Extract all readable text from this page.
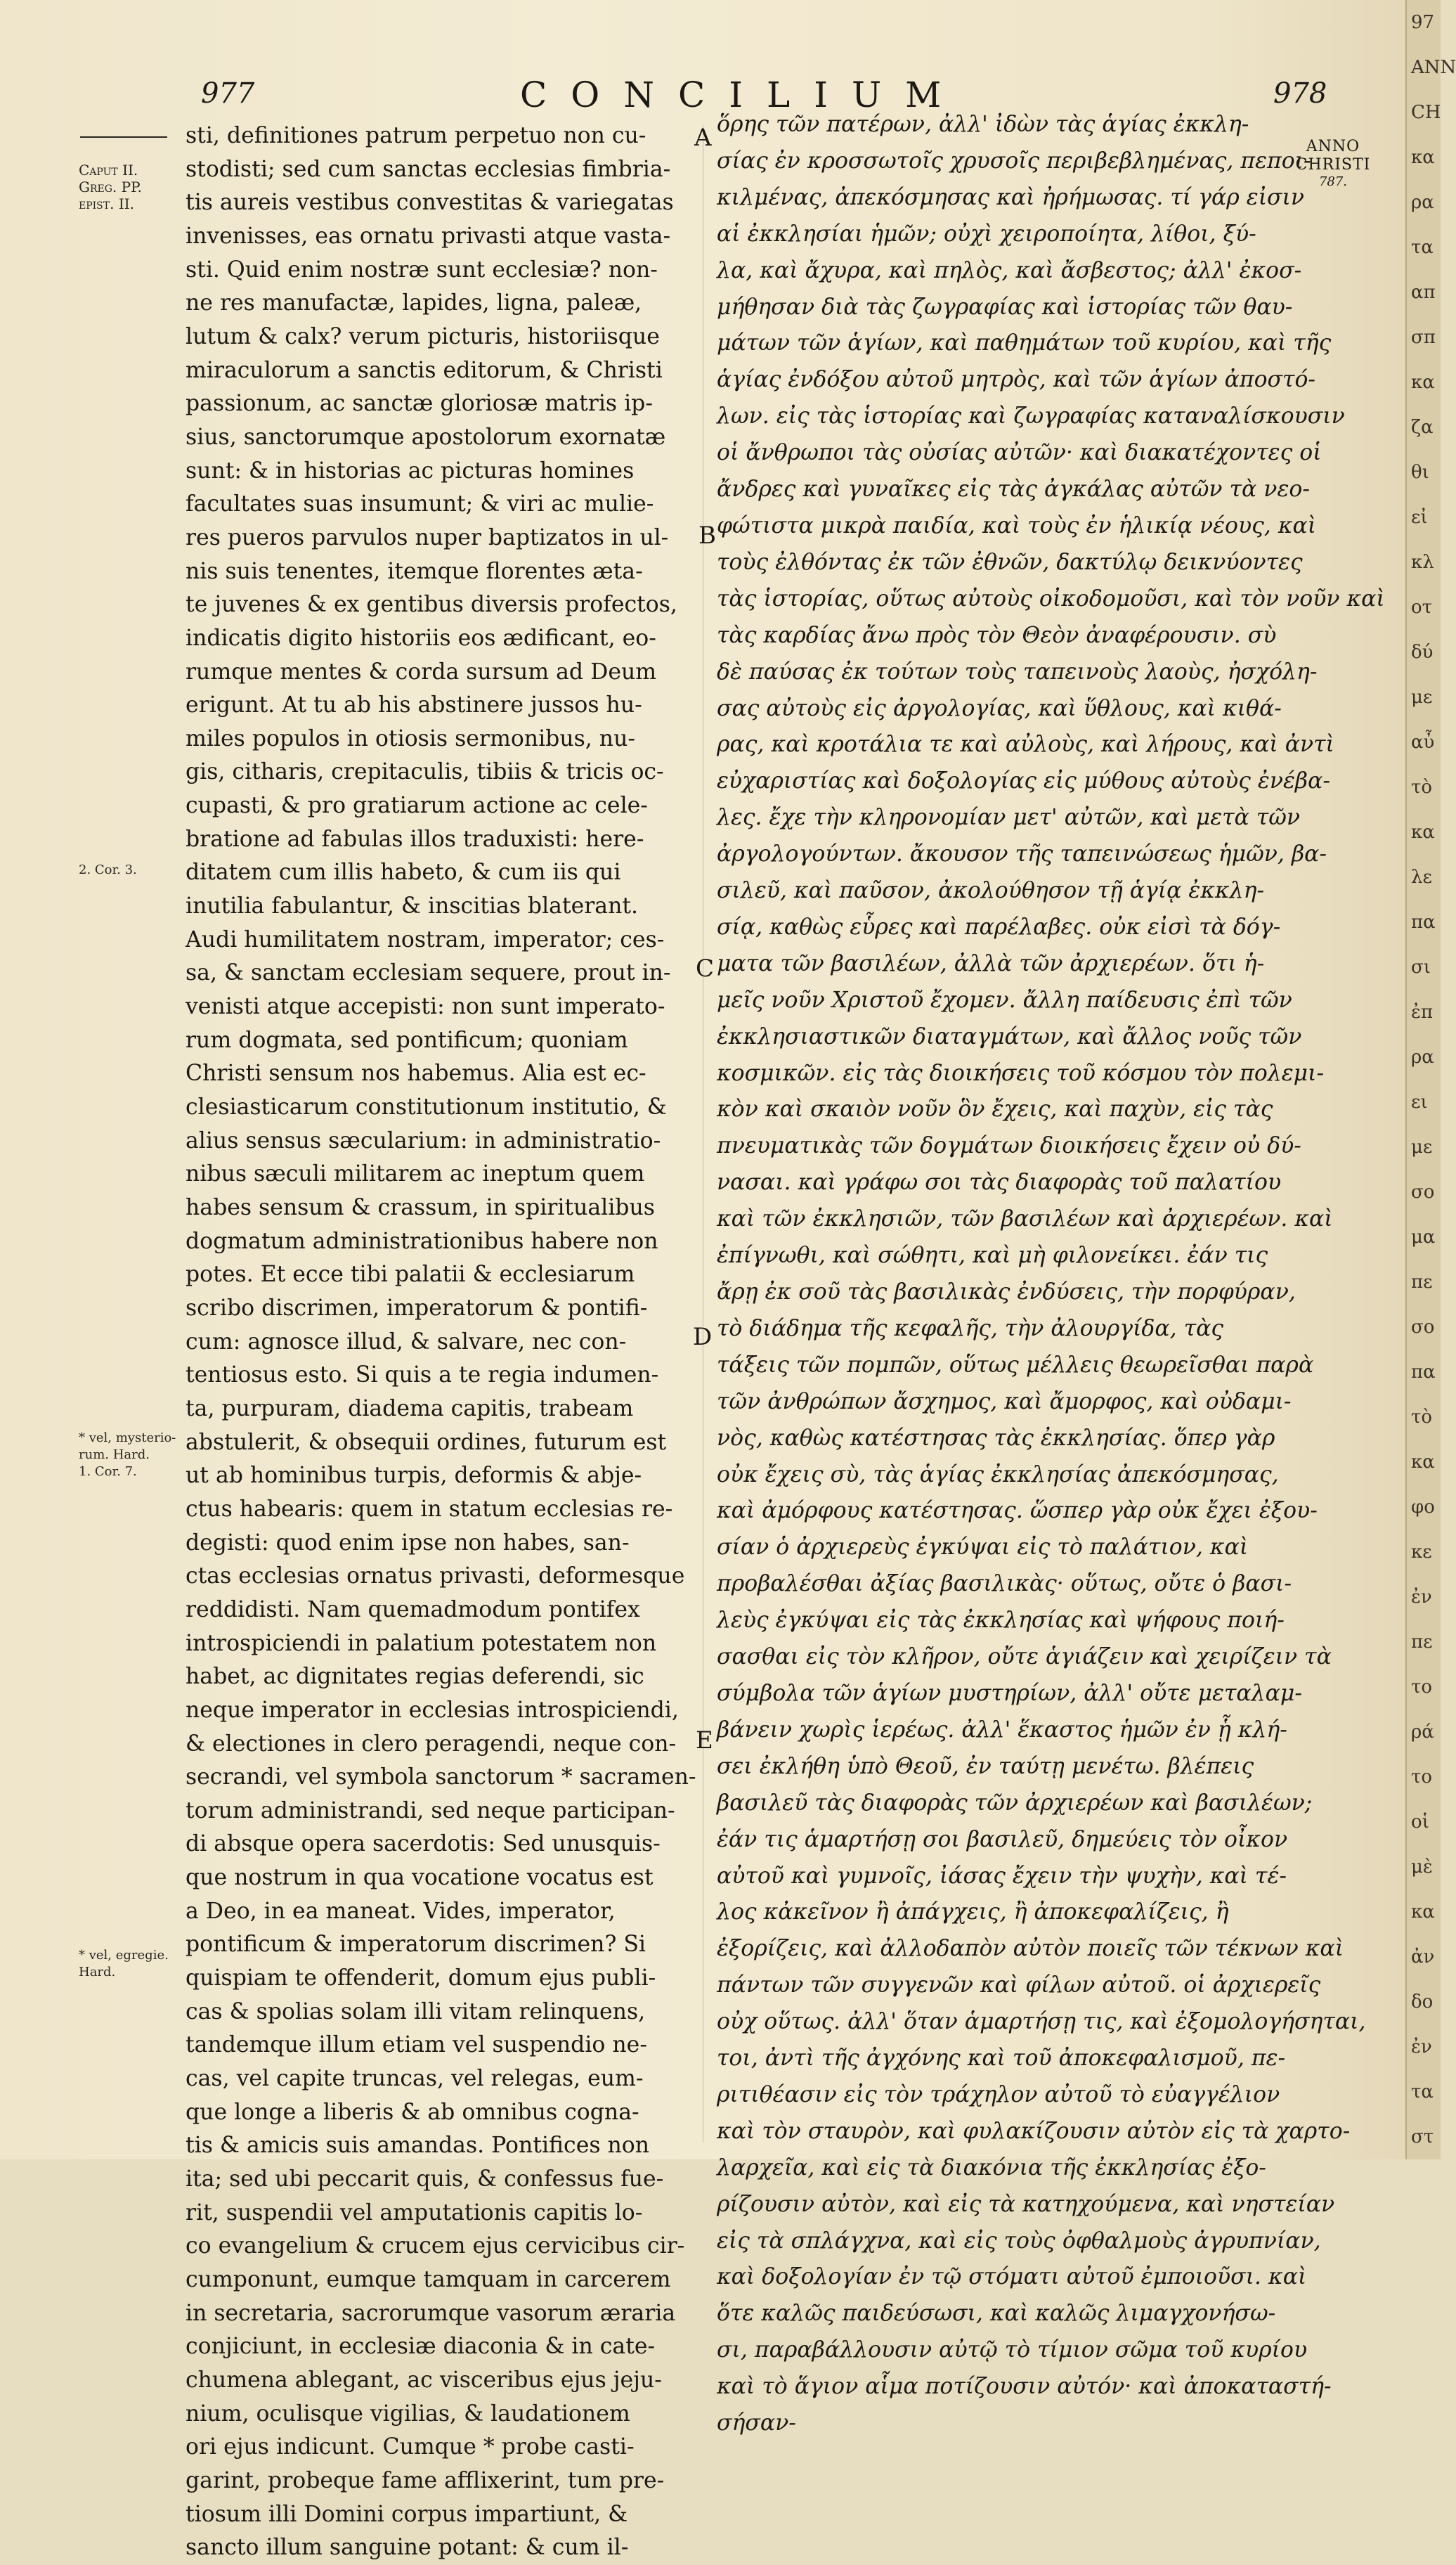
977	CONCILIUM	978
Caput II.
Greg. PP.
epist. II.
2. Cor. 3.
* vel, mysterio-
rum. Hard.
1. Cor. 7.
* vel, egregie.
Hard.
ANNO
CHRISTI
787.
A
B
C
D
E
sti, definitiones patrum perpetuo non cu-
stodisti; sed cum sanctas ecclesias fimbria-
tis aureis vestibus convestitas & variegatas
invenisses, eas ornatu privasti atque vasta-
sti. Quid enim nostræ sunt ecclesiæ? non-
ne res manufactæ, lapides, ligna, paleæ,
lutum & calx? verum picturis, historiisque
miraculorum a sanctis editorum, & Christi
passionum, ac sanctæ gloriosæ matris ip-
sius, sanctorumque apostolorum exornatæ
sunt: & in historias ac picturas homines
facultates suas insumunt; & viri ac mulie-
res pueros parvulos nuper baptizatos in ul-
nis suis tenentes, itemque florentes æta-
te juvenes & ex gentibus diversis profectos,
indicatis digito historiis eos ædificant, eo-
rumque mentes & corda sursum ad Deum
erigunt. At tu ab his abstinere jussos hu-
miles populos in otiosis sermonibus, nu-
gis, citharis, crepitaculis, tibiis & tricis oc-
cupasti, & pro gratiarum actione ac cele-
bratione ad fabulas illos traduxisti: here-
ditatem cum illis habeto, & cum iis qui
inutilia fabulantur, & inscitias blaterant.
Audi humilitatem nostram, imperator; ces-
sa, & sanctam ecclesiam sequere, prout in-
venisti atque accepisti: non sunt imperato-
rum dogmata, sed pontificum; quoniam
Christi sensum nos habemus. Alia est ec-
clesiasticarum constitutionum institutio, &
alius sensus sæcularium: in administratio-
nibus sæculi militarem ac ineptum quem
habes sensum & crassum, in spiritualibus
dogmatum administrationibus habere non
potes. Et ecce tibi palatii & ecclesiarum
scribo discrimen, imperatorum & pontifi-
cum: agnosce illud, & salvare, nec con-
tentiosus esto. Si quis a te regia indumen-
ta, purpuram, diadema capitis, trabeam
abstulerit, & obsequii ordines, futurum est
ut ab hominibus turpis, deformis & abje-
ctus habearis: quem in statum ecclesias re-
degisti: quod enim ipse non habes, san-
ctas ecclesias ornatus privasti, deformesque
reddidisti. Nam quemadmodum pontifex
introspiciendi in palatium potestatem non
habet, ac dignitates regias deferendi, sic
neque imperator in ecclesias introspiciendi,
& electiones in clero peragendi, neque con-
secrandi, vel symbola sanctorum * sacramen-
torum administrandi, sed neque participan-
di absque opera sacerdotis: Sed unusquis-
que nostrum in qua vocatione vocatus est
a Deo, in ea maneat. Vides, imperator,
pontificum & imperatorum discrimen? Si
quispiam te offenderit, domum ejus publi-
cas & spolias solam illi vitam relinquens,
tandemque illum etiam vel suspendio ne-
cas, vel capite truncas, vel relegas, eum-
que longe a liberis & ab omnibus cogna-
tis & amicis suis amandas. Pontifices non
ita; sed ubi peccarit quis, & confessus fue-
rit, suspendii vel amputationis capitis lo-
co evangelium & crucem ejus cervicibus cir-
cumponunt, eumque tamquam in carcerem
in secretaria, sacrorumque vasorum æraria
conjiciunt, in ecclesiæ diaconia & in cate-
chumena ablegant, ac visceribus ejus jeju-
nium, oculisque vigilias, & laudationem
ori ejus indicunt. Cumque * probe casti-
garint, probeque fame afflixerint, tum pre-
tiosum illi Domini corpus impartiunt, &
sancto illum sanguine potant: & cum il-
ὅρης τῶν πατέρων, ἀλλ' ἰδὼν τὰς ἁγίας ἐκκλη-
σίας ἐν κροσσωτοῖς χρυσοῖς περιβεβλημένας, πεποι-
κιλμένας, ἀπεκόσμησας καὶ ἠρήμωσας. τί γάρ εἰσιν
αἱ ἐκκλησίαι ἡμῶν; οὐχὶ χειροποίητα, λίθοι, ξύ-
λα, καὶ ἄχυρα, καὶ πηλὸς, καὶ ἄσβεστος; ἀλλ' ἐκοσ-
μήθησαν διὰ τὰς ζωγραφίας καὶ ἱστορίας τῶν θαυ-
μάτων τῶν ἁγίων, καὶ παθημάτων τοῦ κυρίου, καὶ τῆς
ἁγίας ἐνδόξου αὐτοῦ μητρὸς, καὶ τῶν ἁγίων ἀποστό-
λων. εἰς τὰς ἱστορίας καὶ ζωγραφίας καταναλίσκουσιν
οἱ ἄνθρωποι τὰς οὐσίας αὐτῶν· καὶ διακατέχοντες οἱ
ἄνδρες καὶ γυναῖκες εἰς τὰς ἀγκάλας αὐτῶν τὰ νεο-
φώτιστα μικρὰ παιδία, καὶ τοὺς ἐν ἡλικίᾳ νέους, καὶ
τοὺς ἐλθόντας ἐκ τῶν ἐθνῶν, δακτύλῳ δεικνύοντες
τὰς ἱστορίας, οὕτως αὐτοὺς οἰκοδομοῦσι, καὶ τὸν νοῦν καὶ
τὰς καρδίας ἄνω πρὸς τὸν Θεὸν ἀναφέρουσιν. σὺ
δὲ παύσας ἐκ τούτων τοὺς ταπεινοὺς λαοὺς, ἠσχόλη-
σας αὐτοὺς εἰς ἀργολογίας, καὶ ὕθλους, καὶ κιθά-
ρας, καὶ κροτάλια τε καὶ αὐλοὺς, καὶ λήρους, καὶ ἀντὶ
εὐχαριστίας καὶ δοξολογίας εἰς μύθους αὐτοὺς ἐνέβα-
λες. ἔχε τὴν κληρονομίαν μετ' αὐτῶν, καὶ μετὰ τῶν
ἀργολογούντων. ἄκουσον τῆς ταπεινώσεως ἡμῶν, βα-
σιλεῦ, καὶ παῦσον, ἀκολούθησον τῇ ἁγίᾳ ἐκκλη-
σίᾳ, καθὼς εὗρες καὶ παρέλαβες. οὐκ εἰσὶ τὰ δόγ-
ματα τῶν βασιλέων, ἀλλὰ τῶν ἀρχιερέων. ὅτι ἡ-
μεῖς νοῦν Χριστοῦ ἔχομεν. ἄλλη παίδευσις ἐπὶ τῶν
ἐκκλησιαστικῶν διαταγμάτων, καὶ ἄλλος νοῦς τῶν
κοσμικῶν. εἰς τὰς διοικήσεις τοῦ κόσμου τὸν πολεμι-
κὸν καὶ σκαιὸν νοῦν ὃν ἔχεις, καὶ παχὺν, εἰς τὰς
πνευματικὰς τῶν δογμάτων διοικήσεις ἔχειν οὐ δύ-
νασαι. καὶ γράφω σοι τὰς διαφορὰς τοῦ παλατίου
καὶ τῶν ἐκκλησιῶν, τῶν βασιλέων καὶ ἀρχιερέων. καὶ
ἐπίγνωθι, καὶ σώθητι, καὶ μὴ φιλονείκει. ἐάν τις
ἄρῃ ἐκ σοῦ τὰς βασιλικὰς ἐνδύσεις, τὴν πορφύραν,
τὸ διάδημα τῆς κεφαλῆς, τὴν ἀλουργίδα, τὰς
τάξεις τῶν πομπῶν, οὕτως μέλλεις θεωρεῖσθαι παρὰ
τῶν ἀνθρώπων ἄσχημος, καὶ ἄμορφος, καὶ οὐδαμι-
νὸς, καθὼς κατέστησας τὰς ἐκκλησίας. ὅπερ γὰρ
οὐκ ἔχεις σὺ, τὰς ἁγίας ἐκκλησίας ἀπεκόσμησας,
καὶ ἀμόρφους κατέστησας. ὥσπερ γὰρ οὐκ ἔχει ἐξου-
σίαν ὁ ἀρχιερεὺς ἐγκύψαι εἰς τὸ παλάτιον, καὶ
προβαλέσθαι ἀξίας βασιλικὰς· οὕτως, οὔτε ὁ βασι-
λεὺς ἐγκύψαι εἰς τὰς ἐκκλησίας καὶ ψήφους ποιή-
σασθαι εἰς τὸν κλῆρον, οὔτε ἁγιάζειν καὶ χειρίζειν τὰ
σύμβολα τῶν ἁγίων μυστηρίων, ἀλλ' οὔτε μεταλαμ-
βάνειν χωρὶς ἱερέως. ἀλλ' ἕκαστος ἡμῶν ἐν ᾗ κλή-
σει ἐκλήθη ὑπὸ Θεοῦ, ἐν ταύτῃ μενέτω. βλέπεις
βασιλεῦ τὰς διαφορὰς τῶν ἀρχιερέων καὶ βασιλέων;
ἐάν τις ἁμαρτήσῃ σοι βασιλεῦ, δημεύεις τὸν οἶκον
αὐτοῦ καὶ γυμνοῖς, ἰάσας ἔχειν τὴν ψυχὴν, καὶ τέ-
λος κἀκεῖνον ἢ ἀπάγχεις, ἢ ἀποκεφαλίζεις, ἢ
ἐξορίζεις, καὶ ἀλλοδαπὸν αὐτὸν ποιεῖς τῶν τέκνων καὶ
πάντων τῶν συγγενῶν καὶ φίλων αὐτοῦ. οἱ ἀρχιερεῖς
οὐχ οὕτως. ἀλλ' ὅταν ἁμαρτήσῃ τις, καὶ ἐξομολογήσηται,
τοι, ἀντὶ τῆς ἀγχόνης καὶ τοῦ ἀποκεφαλισμοῦ, πε-
ριτιθέασιν εἰς τὸν τράχηλον αὐτοῦ τὸ εὐαγγέλιον
καὶ τὸν σταυρὸν, καὶ φυλακίζουσιν αὐτὸν εἰς τὰ χαρτο-
λαρχεῖα, καὶ εἰς τὰ διακόνια τῆς ἐκκλησίας ἐξο-
ρίζουσιν αὐτὸν, καὶ εἰς τὰ κατηχούμενα, καὶ νηστείαν
εἰς τὰ σπλάγχνα, καὶ εἰς τοὺς ὀφθαλμοὺς ἀγρυπνίαν,
καὶ δοξολογίαν ἐν τῷ στόματι αὐτοῦ ἐμποιοῦσι. καὶ
ὅτε καλῶς παιδεύσωσι, καὶ καλῶς λιμαγχονήσω-
σι, παραβάλλουσιν αὐτῷ τὸ τίμιον σῶμα τοῦ κυρίου
καὶ τὸ ἅγιον αἷμα ποτίζουσιν αὐτόν· καὶ ἀποκαταστή-
σήσαν-
97
ANN
CH
κα
ρα
τα
απ
σπ
κα
ζα
θι
εἰ
κλ
οτ
δύ
με
αὖ
τὸ
κα
λε
πα
σι
ἐπ
ρα
ει
με
σο
μα
πε
σο
πα
τὸ
κα
φο
κε
ἐν
πε
το
ρά
το
οἱ
μὲ
κα
ἀν
δο
ἐν
τα
στ
